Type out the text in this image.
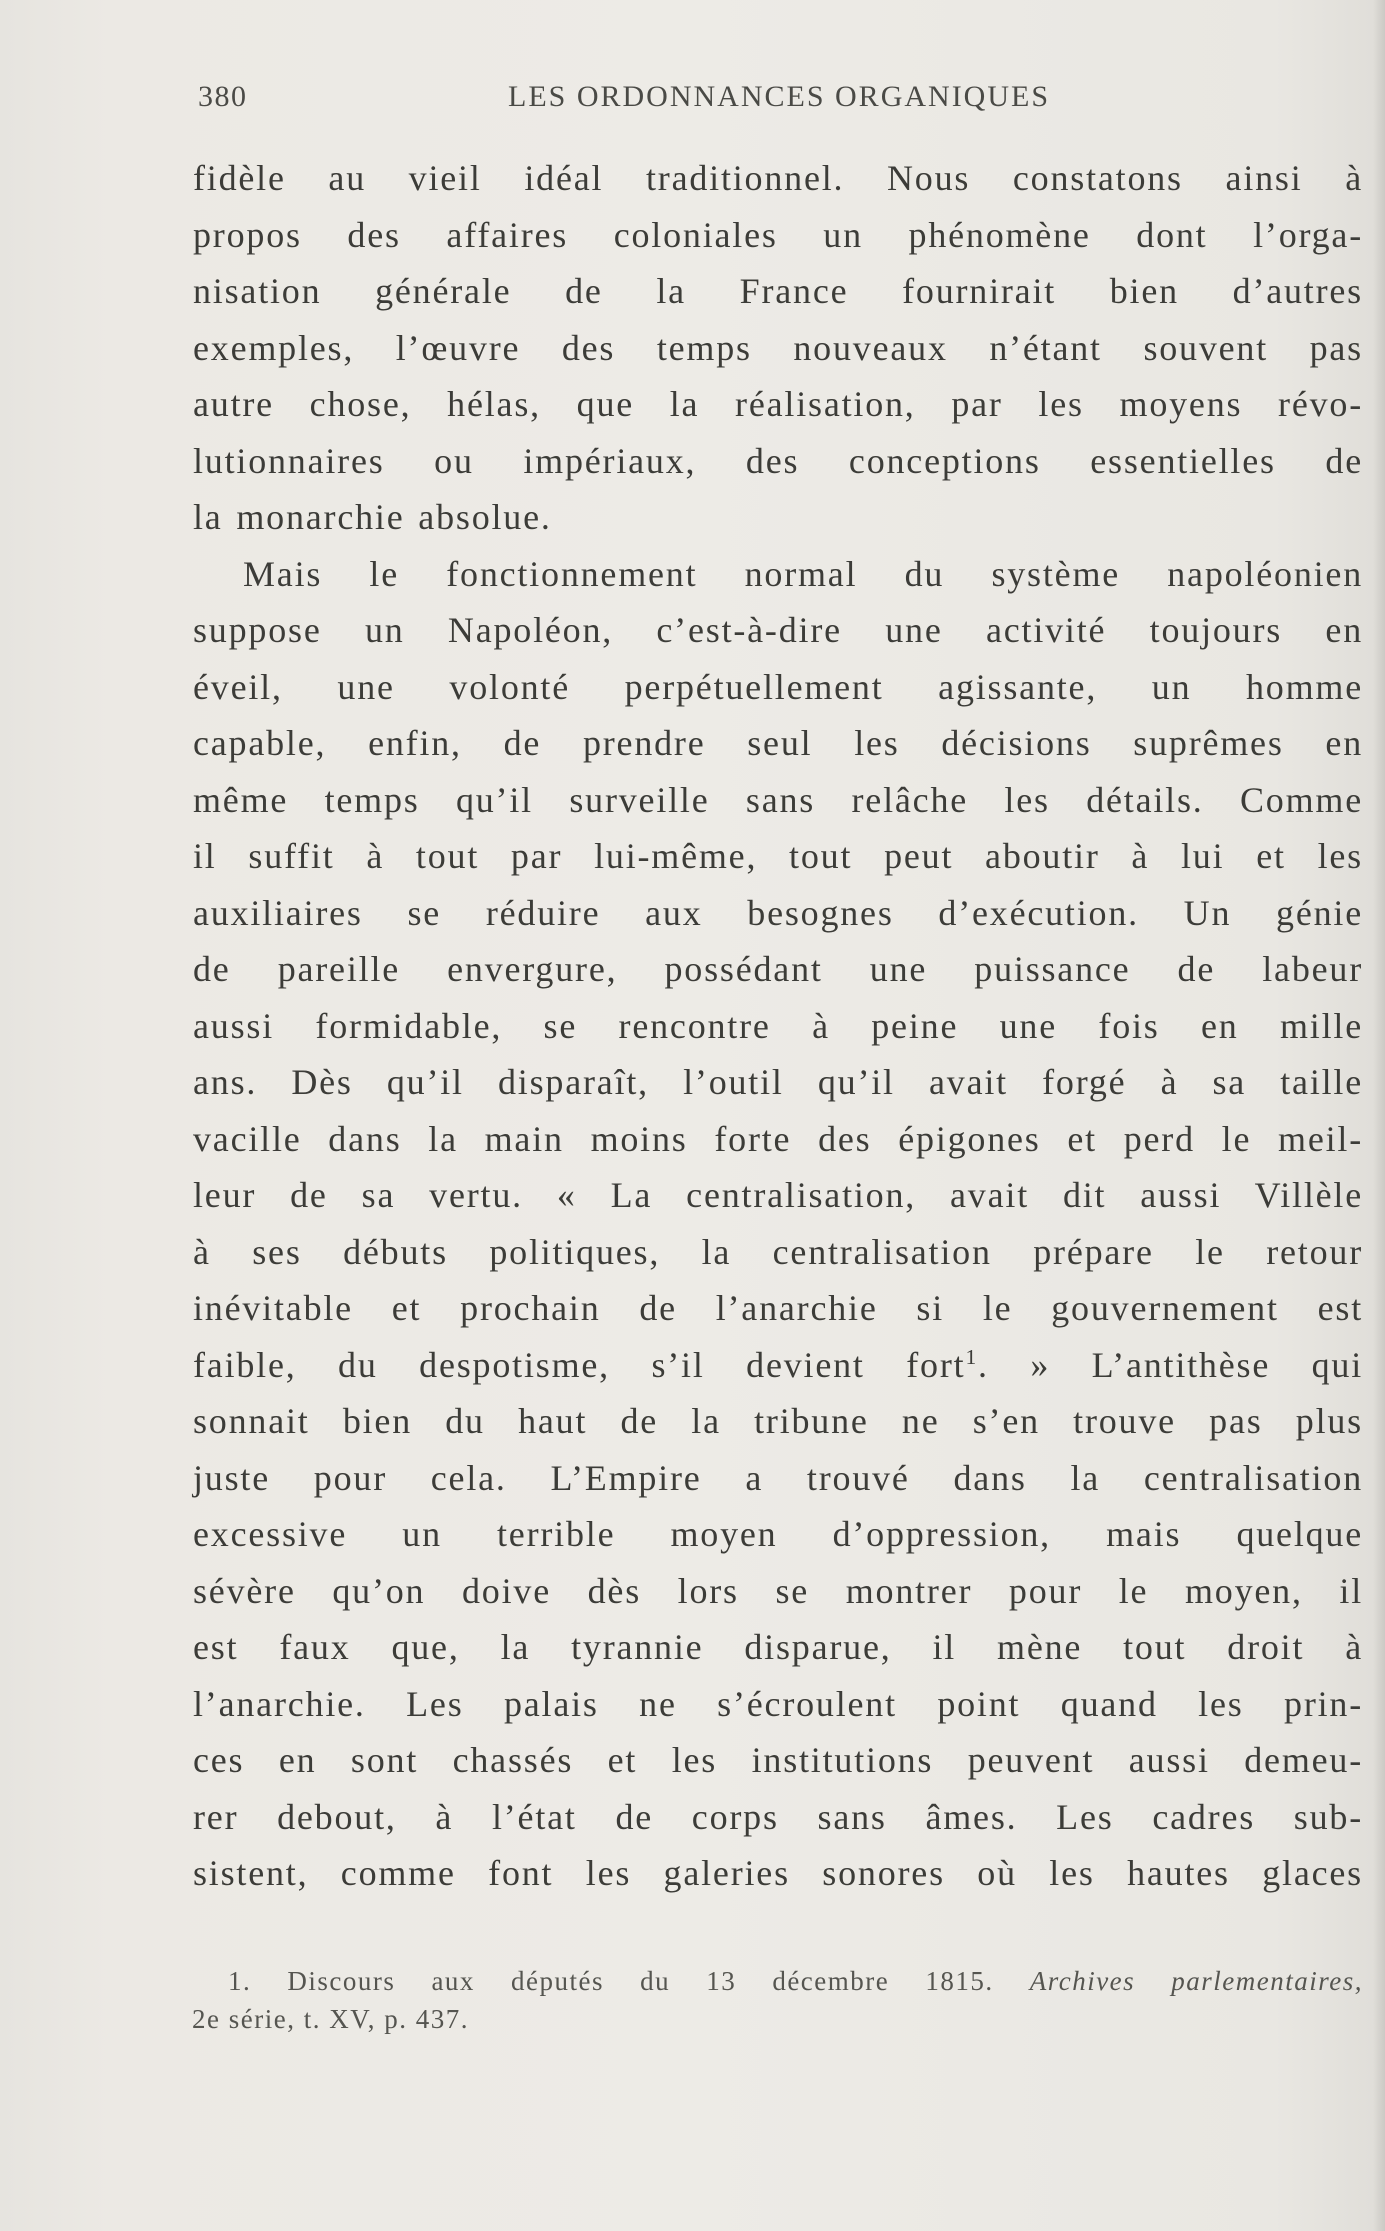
380	LES ORDONNANCES ORGANIQUES
fidèle au vieil idéal traditionnel. Nous constatons ainsi à
propos des affaires coloniales un phénomène dont l’orga-
nisation générale de la France fournirait bien d’autres
exemples, l’œuvre des temps nouveaux n’étant souvent pas
autre chose, hélas, que la réalisation, par les moyens révo-
lutionnaires ou impériaux, des conceptions essentielles de
la monarchie absolue.
Mais le fonctionnement normal du système napoléonien
suppose un Napoléon, c’est-à-dire une activité toujours en
éveil, une volonté perpétuellement agissante, un homme
capable, enfin, de prendre seul les décisions suprêmes en
même temps qu’il surveille sans relâche les détails. Comme
il suffit à tout par lui-même, tout peut aboutir à lui et les
auxiliaires se réduire aux besognes d’exécution. Un génie
de pareille envergure, possédant une puissance de labeur
aussi formidable, se rencontre à peine une fois en mille
ans. Dès qu’il disparaît, l’outil qu’il avait forgé à sa taille
vacille dans la main moins forte des épigones et perd le meil-
leur de sa vertu. « La centralisation, avait dit aussi Villèle
à ses débuts politiques, la centralisation prépare le retour
inévitable et prochain de l’anarchie si le gouvernement est
faible, du despotisme, s’il devient fort$^1$. » L’antithèse qui
sonnait bien du haut de la tribune ne s’en trouve pas plus
juste pour cela. L’Empire a trouvé dans la centralisation
excessive un terrible moyen d’oppression, mais quelque
sévère qu’on doive dès lors se montrer pour le moyen, il
est faux que, la tyrannie disparue, il mène tout droit à
l’anarchie. Les palais ne s’écroulent point quand les prin-
ces en sont chassés et les institutions peuvent aussi demeu-
rer debout, à l’état de corps sans âmes. Les cadres sub-
sistent, comme font les galeries sonores où les hautes glaces
1. Discours aux députés du 13 décembre 1815. Archives parlementaires,
2e série, t. XV, p. 437.
